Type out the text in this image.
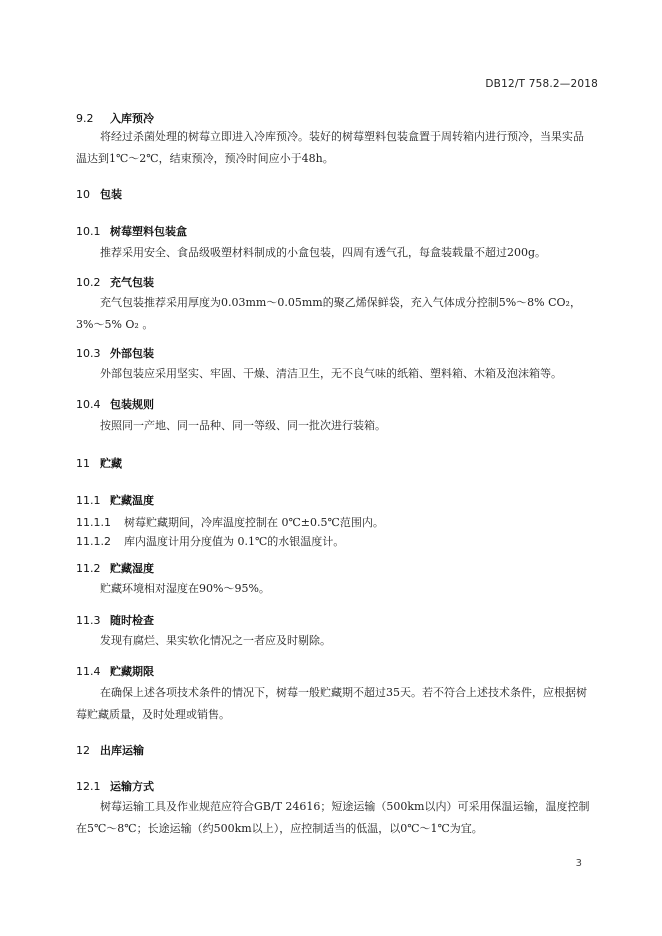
DB12/T 758.2—2018
9.2 入库预冷
将经过杀菌处理的树莓立即进入冷库预冷。装好的树莓塑料包装盒置于周转箱内进行预冷，当果实品温达到1℃～2℃，结束预冷，预冷时间应小于48h。
10 包装
10.1 树莓塑料包装盒
推荐采用安全、食品级吸塑材料制成的小盒包装，四周有透气孔，每盒装载量不超过200g。
10.2 充气包装
充气包装推荐采用厚度为0.03mm～0.05mm的聚乙烯保鲜袋，充入气体成分控制5%～8% CO₂，3%～5% O₂ 。
10.3 外部包装
外部包装应采用坚实、牢固、干燥、清洁卫生，无不良气味的纸箱、塑料箱、木箱及泡沫箱等。
10.4 包装规则
按照同一产地、同一品种、同一等级、同一批次进行装箱。
11 贮藏
11.1 贮藏温度
11.1.1 树莓贮藏期间，冷库温度控制在 0℃±0.5℃范围内。
11.1.2 库内温度计用分度值为 0.1℃的水银温度计。
11.2 贮藏湿度
贮藏环境相对湿度在90%～95%。
11.3 随时检查
发现有腐烂、果实软化情况之一者应及时剔除。
11.4 贮藏期限
在确保上述各项技术条件的情况下，树莓一般贮藏期不超过35天。若不符合上述技术条件，应根据树莓贮藏质量，及时处理或销售。
12 出库运输
12.1 运输方式
树莓运输工具及作业规范应符合GB/T 24616；短途运输（500km以内）可采用保温运输，温度控制在5℃～8℃；长途运输（约500km以上），应控制适当的低温，以0℃～1℃为宜。
3
